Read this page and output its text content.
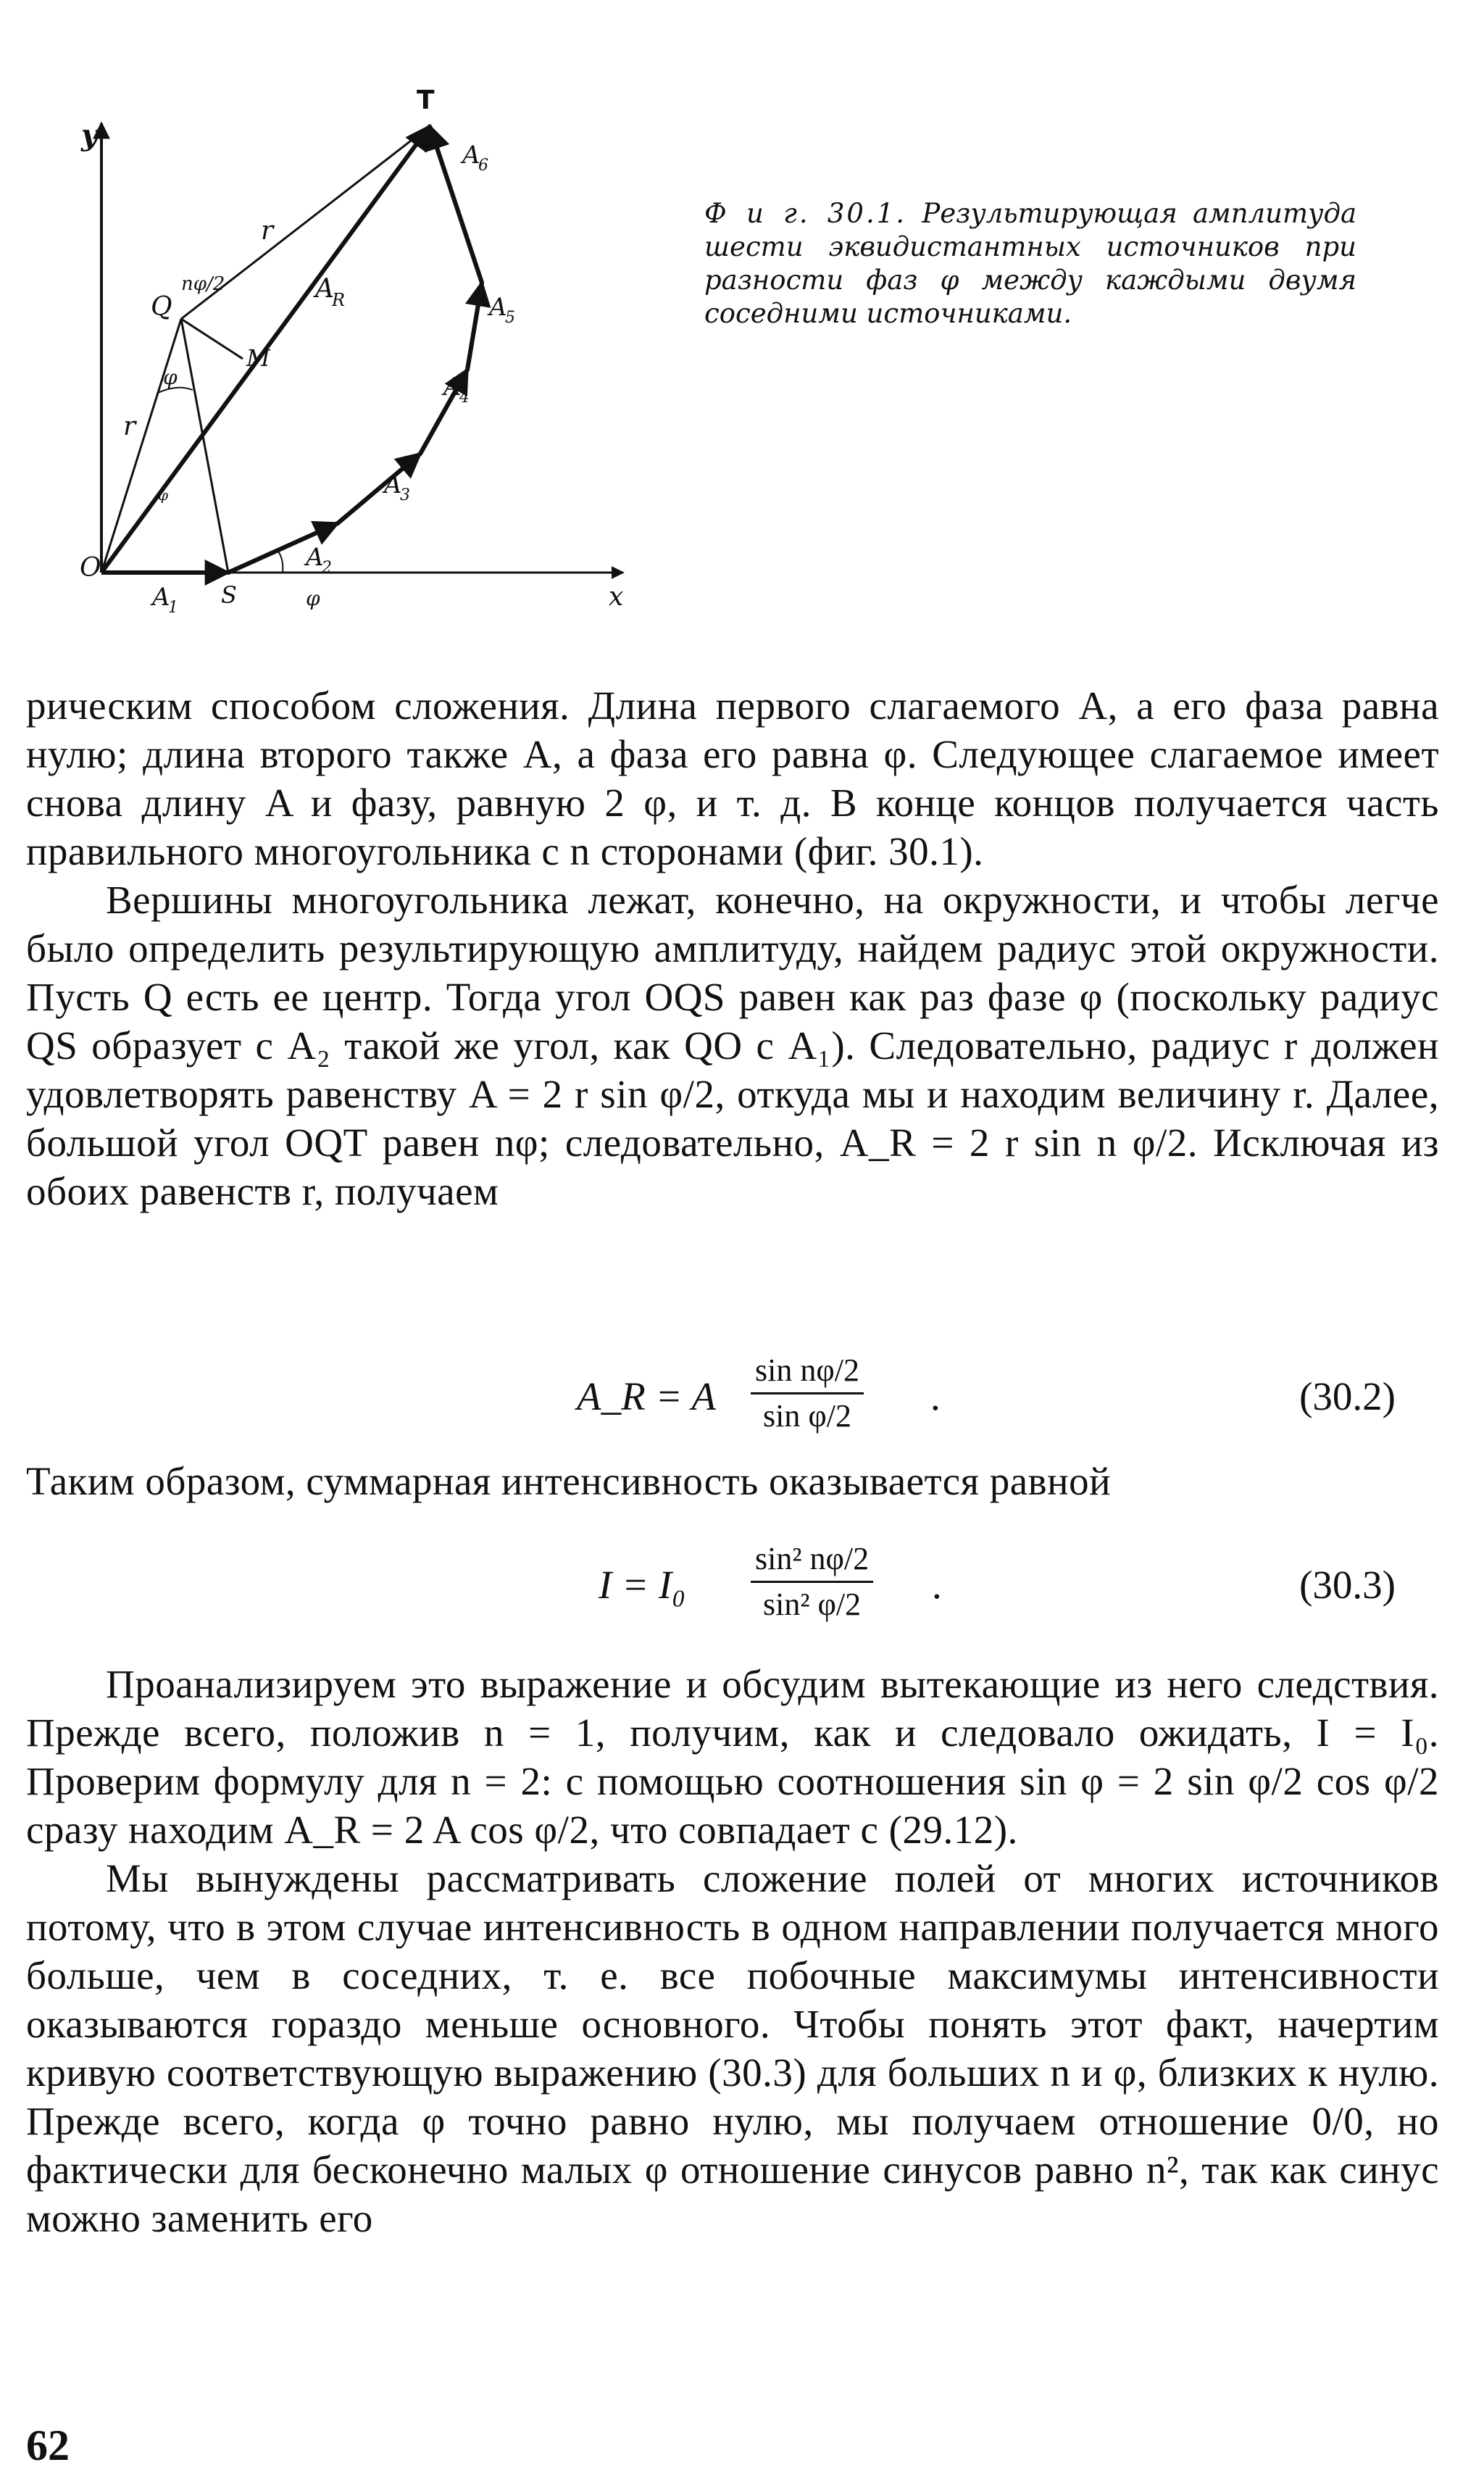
y
x
T
Q
M
O
S
r
r
nφ/2
φ
φ
φ
A
R
A
1
A
2
A
3
A
4
A
5
A
6
Ф и г. 30.1. Результирующая амплитуда шести эквидистантных источников при разности фаз φ между каждыми двумя соседними источниками.

рическим способом сложения. Длина первого слагаемого A, а его фаза равна нулю; длина второго также A, а фаза его равна φ. Следующее слагаемое имеет снова длину A и фазу, равную 2 φ, и т. д. В конце концов получается часть правильного многоугольника с n сторонами (фиг. 30.1).

Вершины многоугольника лежат, конечно, на окружности, и чтобы легче было определить результирующую амплитуду, найдем радиус этой окружности. Пусть Q есть ее центр. Тогда угол OQS равен как раз фазе φ (поскольку радиус QS образует с A₂ такой же угол, как QO с A₁). Следовательно, радиус r должен удовлетворять равенству A = 2 r sin φ/2, откуда мы и находим величину r. Далее, большой угол OQT равен nφ; следовательно, A_R = 2 r sin n φ/2. Исключая из обоих равенств r, получаем

A_R = A $\frac{\text{sin nφ/2}}{\text{sin φ/2}}$ .	(30.2)

Таким образом, суммарная интенсивность оказывается равной

$I = I_0 \frac{\text{sin² nφ/2}}{\text{sin² φ/2}}$ .	(30.3)

Проанализируем это выражение и обсудим вытекающие из него следствия. Прежде всего, положив n = 1, получим, как и следовало ожидать, I = I₀. Проверим формулу для n = 2: с помощью соотношения sin φ = 2 sin φ/2 cos φ/2 сразу находим A_R = 2 A cos φ/2, что совпадает с (29.12).

Мы вынуждены рассматривать сложение полей от многих источников потому, что в этом случае интенсивность в одном направлении получается много больше, чем в соседних, т. е. все побочные максимумы интенсивности оказываются гораздо меньше основного. Чтобы понять этот факт, начертим кривую соответствующую выражению (30.3) для больших n и φ, близких к нулю. Прежде всего, когда φ точно равно нулю, мы получаем отношение 0/0, но фактически для бесконечно малых φ отношение синусов равно n², так как синус можно заменить его

62
